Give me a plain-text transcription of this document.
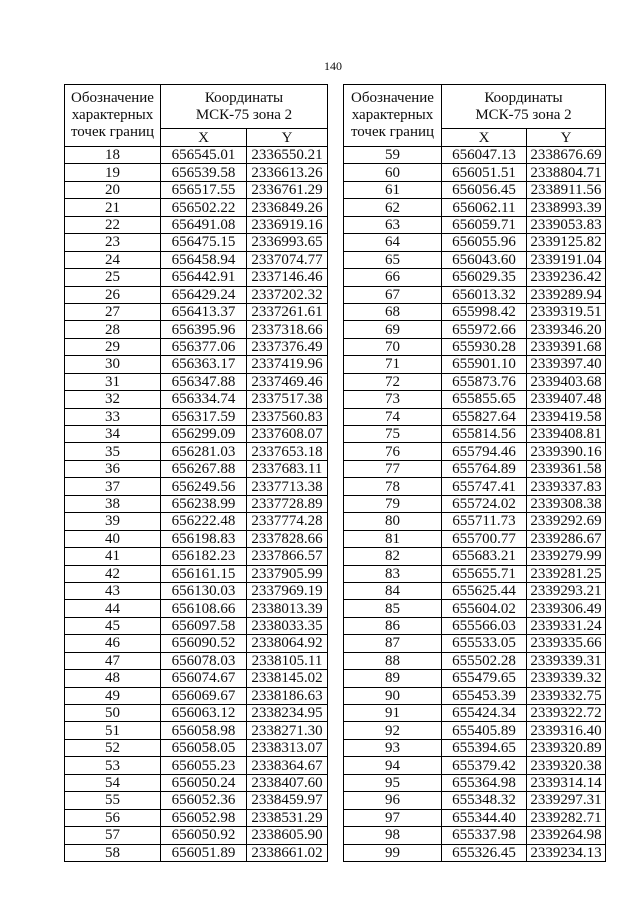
140
Обозначение
характерных
точек границ	Координаты
МСК-75 зона 2	
	X	Y
18	656545.01	2336550.21
19	656539.58	2336613.26
20	656517.55	2336761.29
21	656502.22	2336849.26
22	656491.08	2336919.16
23	656475.15	2336993.65
24	656458.94	2337074.77
25	656442.91	2337146.46
26	656429.24	2337202.32
27	656413.37	2337261.61
28	656395.96	2337318.66
29	656377.06	2337376.49
30	656363.17	2337419.96
31	656347.88	2337469.46
32	656334.74	2337517.38
33	656317.59	2337560.83
34	656299.09	2337608.07
35	656281.03	2337653.18
36	656267.88	2337683.11
37	656249.56	2337713.38
38	656238.99	2337728.89
39	656222.48	2337774.28
40	656198.83	2337828.66
41	656182.23	2337866.57
42	656161.15	2337905.99
43	656130.03	2337969.19
44	656108.66	2338013.39
45	656097.58	2338033.35
46	656090.52	2338064.92
47	656078.03	2338105.11
48	656074.67	2338145.02
49	656069.67	2338186.63
50	656063.12	2338234.95
51	656058.98	2338271.30
52	656058.05	2338313.07
53	656055.23	2338364.67
54	656050.24	2338407.60
55	656052.36	2338459.97
56	656052.98	2338531.29
57	656050.92	2338605.90
58	656051.89	2338661.02
Обозначение
характерных
точек границ	Координаты
МСК-75 зона 2	
	X	Y
59	656047.13	2338676.69
60	656051.51	2338804.71
61	656056.45	2338911.56
62	656062.11	2338993.39
63	656059.71	2339053.83
64	656055.96	2339125.82
65	656043.60	2339191.04
66	656029.35	2339236.42
67	656013.32	2339289.94
68	655998.42	2339319.51
69	655972.66	2339346.20
70	655930.28	2339391.68
71	655901.10	2339397.40
72	655873.76	2339403.68
73	655855.65	2339407.48
74	655827.64	2339419.58
75	655814.56	2339408.81
76	655794.46	2339390.16
77	655764.89	2339361.58
78	655747.41	2339337.83
79	655724.02	2339308.38
80	655711.73	2339292.69
81	655700.77	2339286.67
82	655683.21	2339279.99
83	655655.71	2339281.25
84	655625.44	2339293.21
85	655604.02	2339306.49
86	655566.03	2339331.24
87	655533.05	2339335.66
88	655502.28	2339339.31
89	655479.65	2339339.32
90	655453.39	2339332.75
91	655424.34	2339322.72
92	655405.89	2339316.40
93	655394.65	2339320.89
94	655379.42	2339320.38
95	655364.98	2339314.14
96	655348.32	2339297.31
97	655344.40	2339282.71
98	655337.98	2339264.98
99	655326.45	2339234.13
